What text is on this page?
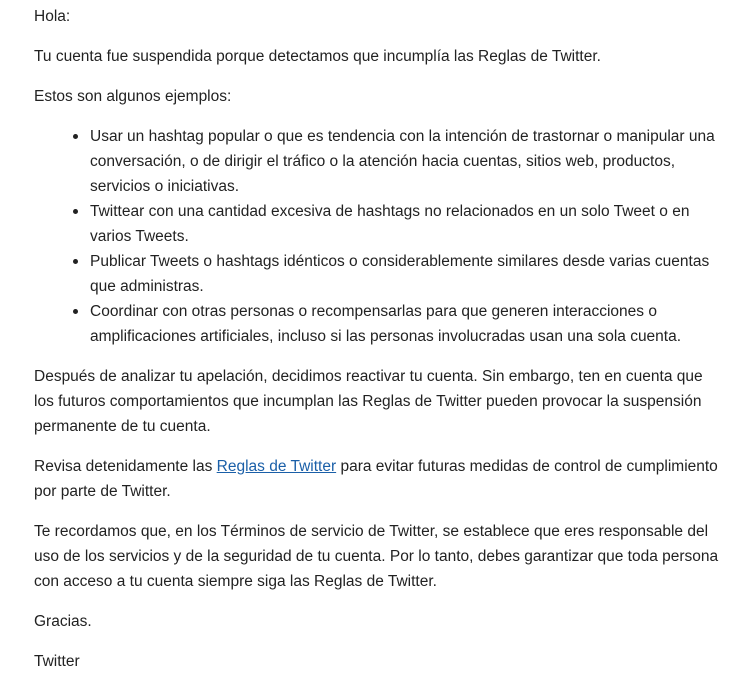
Hola:

Tu cuenta fue suspendida porque detectamos que incumplía las Reglas de Twitter.

Estos son algunos ejemplos:

Usar un hashtag popular o que es tendencia con la intención de trastornar o manipular una conversación, o de dirigir el tráfico o la atención hacia cuentas, sitios web, productos, servicios o iniciativas.
Twittear con una cantidad excesiva de hashtags no relacionados en un solo Tweet o en varios Tweets.
Publicar Tweets o hashtags idénticos o considerablemente similares desde varias cuentas que administras.
Coordinar con otras personas o recompensarlas para que generen interacciones o amplificaciones artificiales, incluso si las personas involucradas usan una sola cuenta.

Después de analizar tu apelación, decidimos reactivar tu cuenta. Sin embargo, ten en cuenta que los futuros comportamientos que incumplan las Reglas de Twitter pueden provocar la suspensión permanente de tu cuenta.

Revisa detenidamente las Reglas de Twitter para evitar futuras medidas de control de cumplimiento por parte de Twitter.

Te recordamos que, en los Términos de servicio de Twitter, se establece que eres responsable del uso de los servicios y de la seguridad de tu cuenta. Por lo tanto, debes garantizar que toda persona con acceso a tu cuenta siempre siga las Reglas de Twitter.

Gracias.

Twitter
